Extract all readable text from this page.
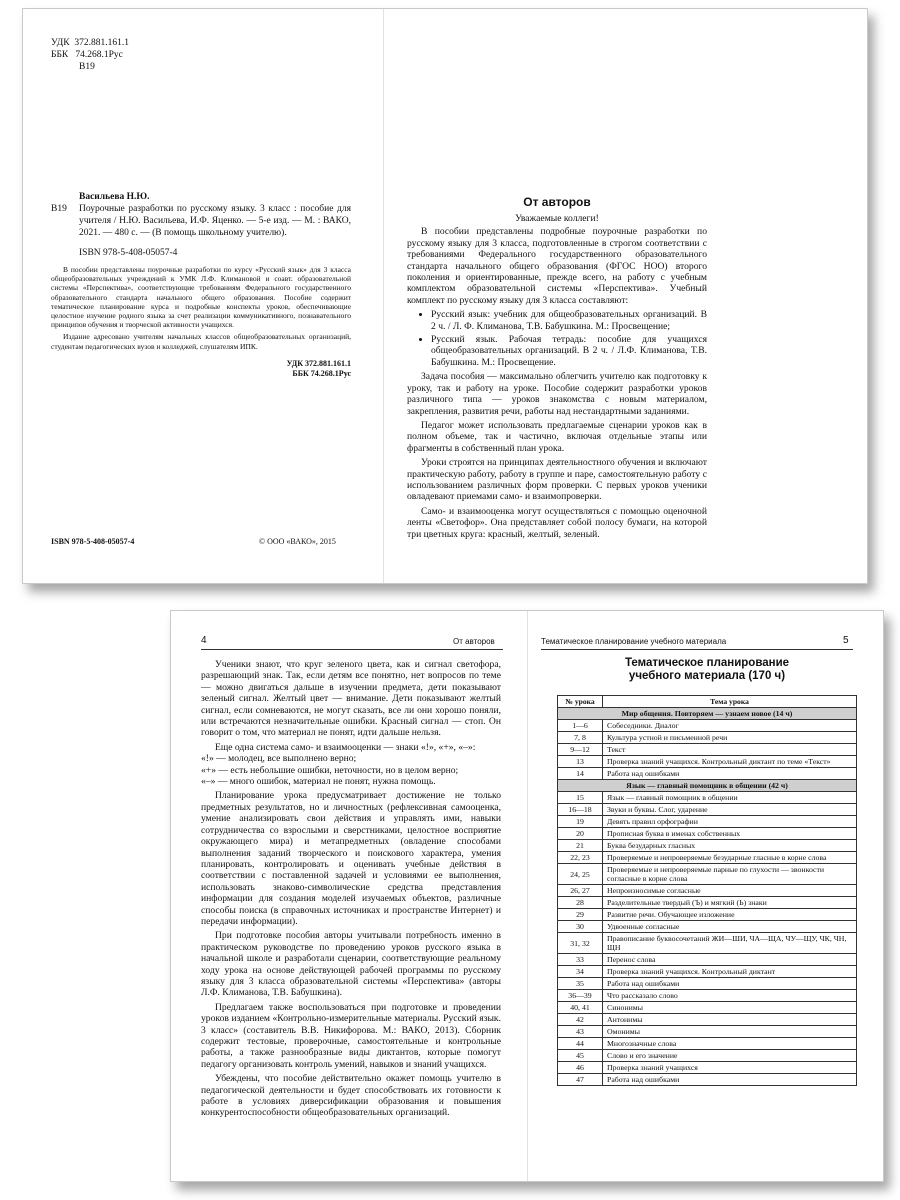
УДК 372.881.161.1
ББК 74.268.1Рус
В19
Васильева Н.Ю.
В19	Поурочные разработки по русскому языку. 3 класс : пособие для учителя / Н.Ю. Васильева, И.Ф. Яценко. — 5-е изд. — М. : ВАКО, 2021. — 480 с. — (В помощь школьному учителю).
ISBN 978-5-408-05057-4

В пособии представлены поурочные разработки по курсу «Русский язык» для 3 класса общеобразовательных учреждений к УМК Л.Ф. Климановой и соавт. образовательной системы «Перспектива», соответствующие требованиям Федерального государственного образовательного стандарта начального общего образования. Пособие содержит тематическое планирование курса и подробные конспекты уроков, обеспечивающие целостное изучение родного языка за счет реализации коммуникативного, познавательного принципов обучения и творческой активности учащихся.

Издание адресовано учителям начальных классов общеобразовательных организаций, студентам педагогических вузов и колледжей, слушателям ИПК.

УДК 372.881.161.1
ББК 74.268.1Рус
ISBN 978-5-408-05057-4	© ООО «ВАКО», 2015
От авторов
Уважаемые коллеги!

В пособии представлены подробные поурочные разработки по русскому языку для 3 класса, подготовленные в строгом соответствии с требованиями Федерального государственного образовательного стандарта начального общего образования (ФГОС НОО) второго поколения и ориентированные, прежде всего, на работу с учебным комплектом образовательной системы «Перспектива». Учебный комплект по русскому языку для 3 класса составляют:

• Русский язык: учебник для общеобразовательных организаций. В 2 ч. / Л. Ф. Климанова, Т.В. Бабушкина. М.: Просвещение;
• Русский язык. Рабочая тетрадь: пособие для учащихся общеобразовательных организаций. В 2 ч. / Л.Ф. Климанова, Т.В. Бабушкина. М.: Просвещение.

Задача пособия — максимально облегчить учителю как подготовку к уроку, так и работу на уроке. Пособие содержит разработки уроков различного типа — уроков знакомства с новым материалом, закрепления, развития речи, работы над нестандартными заданиями.

Педагог может использовать предлагаемые сценарии уроков как в полном объеме, так и частично, включая отдельные этапы или фрагменты в собственный план урока.

Уроки строятся на принципах деятельностного обучения и включают практическую работу, работу в группе и паре, самостоятельную работу с использованием различных форм проверки. С первых уроков ученики овладевают приемами само- и взаимопроверки.

Само- и взаимооценка могут осуществляться с помощью оценочной ленты «Светофор». Она представляет собой полосу бумаги, на которой три цветных круга: красный, желтый, зеленый.

4	От авторов

Ученики знают, что круг зеленого цвета, как и сигнал светофора, разрешающий знак. Так, если детям все понятно, нет вопросов по теме — можно двигаться дальше в изучении предмета, дети показывают зеленый сигнал. Желтый цвет — внимание. Дети показывают желтый сигнал, если сомневаются, не могут сказать, все ли они хорошо поняли, или встречаются незначительные ошибки. Красный сигнал — стоп. Он говорит о том, что материал не понят, идти дальше нельзя.

Еще одна система само- и взаимооценки — знаки «!», «+», «–»:

«!» — молодец, все выполнено верно;

«+» — есть небольшие ошибки, неточности, но в целом верно;

«–» — много ошибок, материал не понят, нужна помощь.

Планирование урока предусматривает достижение не только предметных результатов, но и личностных (рефлексивная самооценка, умение анализировать свои действия и управлять ими, навыки сотрудничества со взрослыми и сверстниками, целостное восприятие окружающего мира) и метапредметных (овладение способами выполнения заданий творческого и поискового характера, умения планировать, контролировать и оценивать учебные действия в соответствии с поставленной задачей и условиями ее выполнения, использовать знаково-символические средства представления информации для создания моделей изучаемых объектов, различные способы поиска (в справочных источниках и пространстве Интернет) и передачи информации).

При подготовке пособия авторы учитывали потребность именно в практическом руководстве по проведению уроков русского языка в начальной школе и разработали сценарии, соответствующие реальному ходу урока на основе действующей рабочей программы по русскому языку для 3 класса образовательной системы «Перспектива» (авторы Л.Ф. Климанова, Т.В. Бабушкина).

Предлагаем также воспользоваться при подготовке и проведении уроков изданием «Контрольно-измерительные материалы. Русский язык. 3 класс» (составитель В.В. Никифорова. М.: ВАКО, 2013). Сборник содержит тестовые, проверочные, самостоятельные и контрольные работы, а также разнообразные виды диктантов, которые помогут педагогу организовать контроль умений, навыков и знаний учащихся.

Убеждены, что пособие действительно окажет помощь учителю в педагогической деятельности и будет способствовать их готовности к работе в условиях диверсификации образования и повышения конкурентоспособности общеобразовательных организаций.

Тематическое планирование учебного материала	5
Тематическое планирование
учебного материала (170 ч)
№ урока	Тема урока
Мир общения. Повторяем — узнаем новое (14 ч)	
1—6	Собеседники. Диалог
7, 8	Культура устной и письменной речи
9—12	Текст
13	Проверка знаний учащихся. Контрольный диктант по теме «Текст»
14	Работа над ошибками
Язык — главный помощник в общении (42 ч)	
15	Язык — главный помощник в общении
16—18	Звуки и буквы. Слог, ударение
19	Девять правил орфографии
20	Прописная буква в именах собственных
21	Буква безударных гласных
22, 23	Проверяемые и непроверяемые безударные гласные в корне слова
24, 25	Проверяемые и непроверяемые парные по глухости — звонкости согласные в корне слова
26, 27	Непроизносимые согласные
28	Разделительные твердый (Ъ) и мягкий (Ь) знаки
29	Развитие речи. Обучающее изложение
30	Удвоенные согласные
31, 32	Правописание буквосочетаний ЖИ—ШИ, ЧА—ЩА, ЧУ—ЩУ, ЧК, ЧН, ЩН
33	Перенос слова
34	Проверка знаний учащихся. Контрольный диктант
35	Работа над ошибками
36—39	Что рассказало слово
40, 41	Синонимы
42	Антонимы
43	Омонимы
44	Многозначные слова
45	Слово и его значение
46	Проверка знаний учащихся
47	Работа над ошибками
